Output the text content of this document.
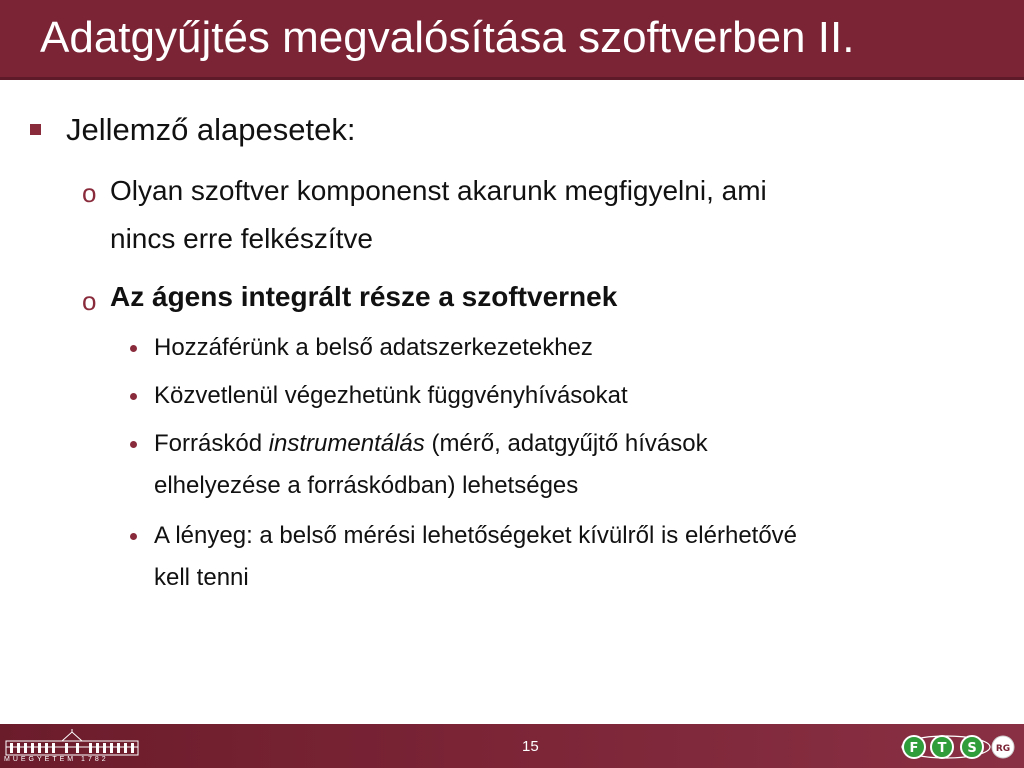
Adatgyűjtés megvalósítása szoftverben II.
Jellemző alapesetek:
o Olyan szoftver komponenst akarunk megfigyelni, ami
nincs erre felkészítve
o Az ágens integrált része a szoftvernek
Hozzáférünk a belső adatszerkezetekhez
Közvetlenül végezhetünk függvényhívásokat
Forráskód instrumentálás (mérő, adatgyűjtő hívások
elhelyezése a forráskódban) lehetséges
A lényeg: a belső mérési lehetőségeket kívülről is elérhetővé
kell tenni
MŰEGYETEM 1782
15	F T S RG
